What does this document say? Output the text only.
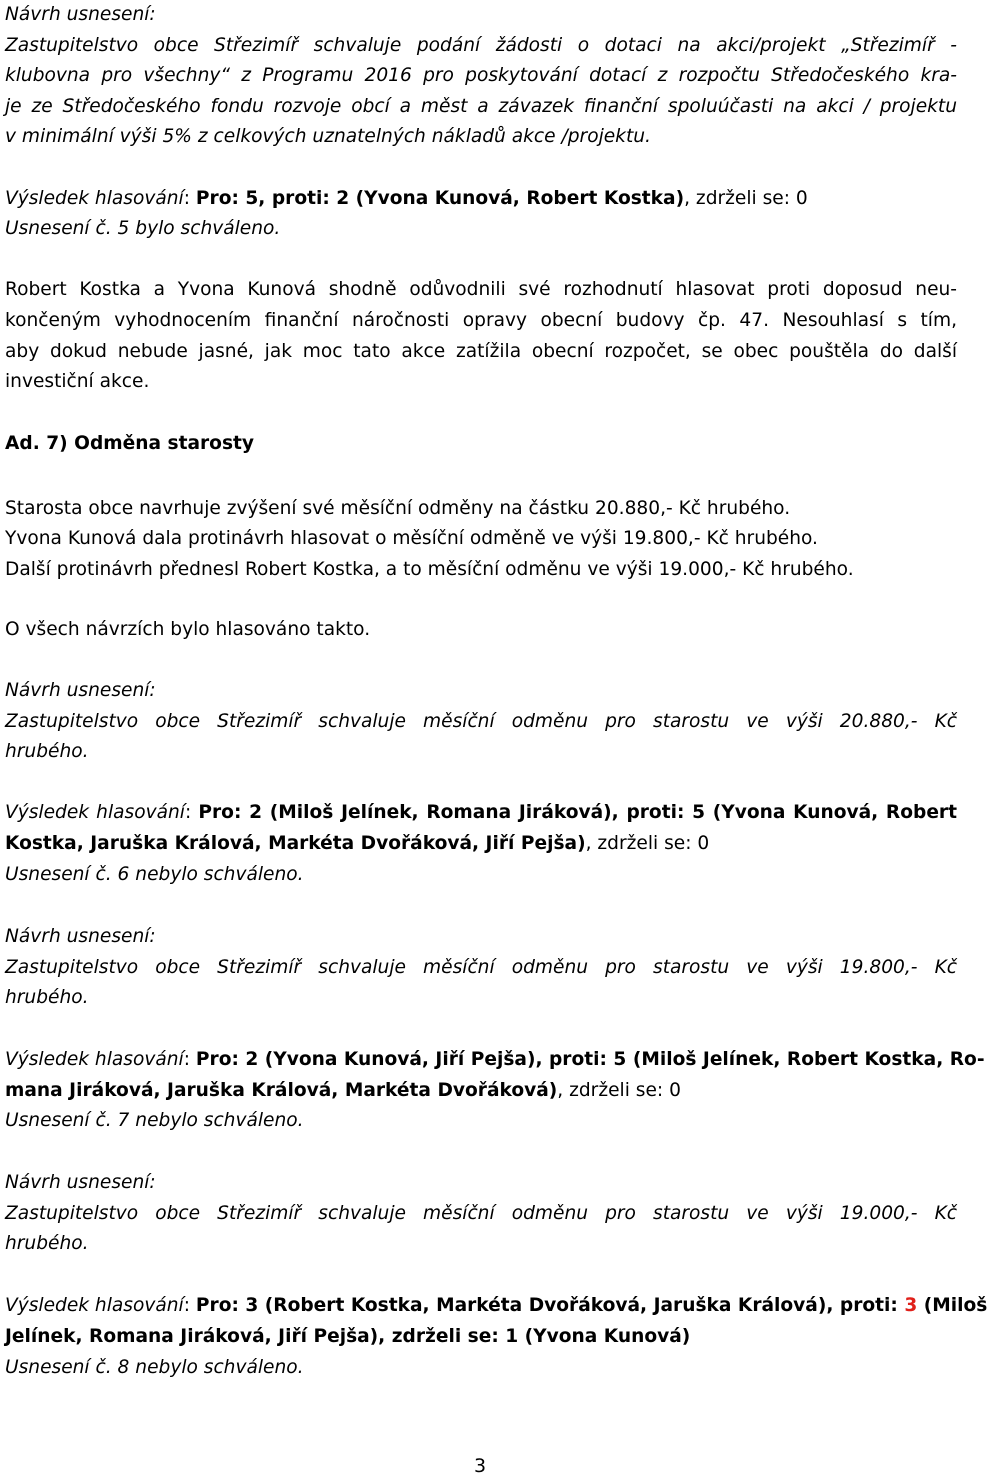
Návrh usnesení:
Zastupitelstvo obce Střezimíř schvaluje podání žádosti o dotaci na akci/projekt „Střezimíř -
klubovna pro všechny“ z Programu 2016 pro poskytování dotací z rozpočtu Středočeského kra-
je ze Středočeského fondu rozvoje obcí a měst a závazek finanční spoluúčasti na akci / projektu
v minimální výši 5% z celkových uznatelných nákladů akce /projektu.
Výsledek hlasování: Pro: 5, proti: 2 (Yvona Kunová, Robert Kostka), zdrželi se: 0
Usnesení č. 5 bylo schváleno.
Robert Kostka a Yvona Kunová shodně odůvodnili své rozhodnutí hlasovat proti doposud neu-
končeným vyhodnocením finanční náročnosti opravy obecní budovy čp. 47. Nesouhlasí s tím,
aby dokud nebude jasné, jak moc tato akce zatížila obecní rozpočet, se obec pouštěla do další
investiční akce.
Ad. 7) Odměna starosty
Starosta obce navrhuje zvýšení své měsíční odměny na částku 20.880,- Kč hrubého.
Yvona Kunová dala protinávrh hlasovat o měsíční odměně ve výši 19.800,- Kč hrubého.
Další protinávrh přednesl Robert Kostka, a to měsíční odměnu ve výši 19.000,- Kč hrubého.
O všech návrzích bylo hlasováno takto.
Návrh usnesení:
Zastupitelstvo obce Střezimíř schvaluje měsíční odměnu pro starostu ve výši 20.880,- Kč
hrubého.
Výsledek hlasování: Pro: 2 (Miloš Jelínek, Romana Jiráková), proti: 5 (Yvona Kunová, Robert
Kostka, Jaruška Králová, Markéta Dvořáková, Jiří Pejša), zdrželi se: 0
Usnesení č. 6 nebylo schváleno.
Návrh usnesení:
Zastupitelstvo obce Střezimíř schvaluje měsíční odměnu pro starostu ve výši 19.800,- Kč
hrubého.
Výsledek hlasování: Pro: 2 (Yvona Kunová, Jiří Pejša), proti: 5 (Miloš Jelínek, Robert Kostka, Ro-
mana Jiráková, Jaruška Králová, Markéta Dvořáková), zdrželi se: 0
Usnesení č. 7 nebylo schváleno.
Návrh usnesení:
Zastupitelstvo obce Střezimíř schvaluje měsíční odměnu pro starostu ve výši 19.000,- Kč
hrubého.
Výsledek hlasování: Pro: 3 (Robert Kostka, Markéta Dvořáková, Jaruška Králová), proti: 3 (Miloš
Jelínek, Romana Jiráková, Jiří Pejša), zdrželi se: 1 (Yvona Kunová)
Usnesení č. 8 nebylo schváleno.
3
